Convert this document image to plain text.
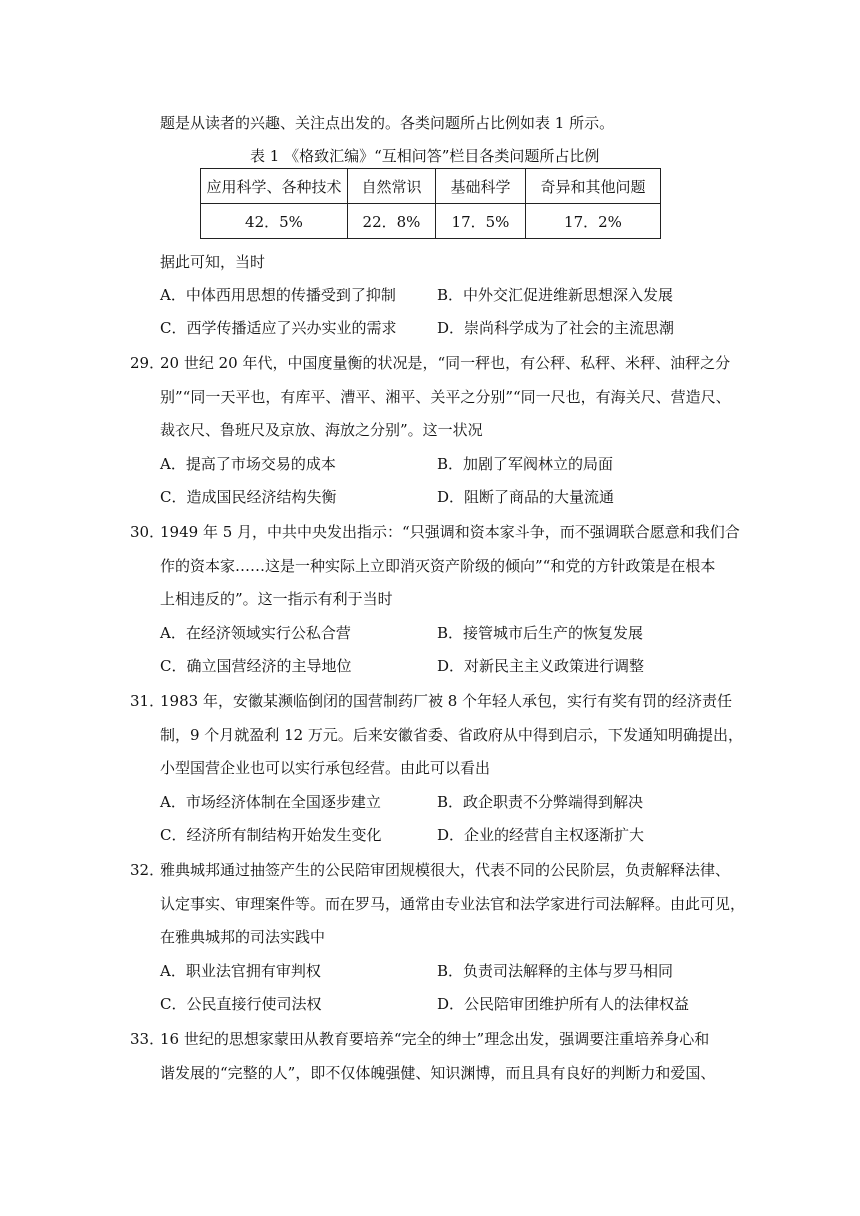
题是从读者的兴趣、关注点出发的。各类问题所占比例如表 1 所示。
表 1 《格致汇编》“互相问答”栏目各类问题所占比例
应用科学、各种技术	自然常识	基础科学	奇异和其他问题
42．5%	22．8%	17．5%	17．2%
据此可知，当时
A．中体西用思想的传播受到了抑制	B．中外交汇促进维新思想深入发展
C．西学传播适应了兴办实业的需求	D．崇尚科学成为了社会的主流思潮
29．
20 世纪 20 年代，中国度量衡的状况是，“同一秤也，有公秤、私秤、米秤、油秤之分
别”“同一天平也，有库平、漕平、湘平、关平之分别”“同一尺也，有海关尺、营造尺、
裁衣尺、鲁班尺及京放、海放之分别”。这一状况
A．提高了市场交易的成本	B．加剧了军阀林立的局面
C．造成国民经济结构失衡	D．阻断了商品的大量流通
30．
1949 年 5 月，中共中央发出指示：“只强调和资本家斗争，而不强调联合愿意和我们合
作的资本家……这是一种实际上立即消灭资产阶级的倾向”“和党的方针政策是在根本
上相违反的”。这一指示有利于当时
A．在经济领域实行公私合营	B．接管城市后生产的恢复发展
C．确立国营经济的主导地位	D．对新民主主义政策进行调整
31．
1983 年，安徽某濒临倒闭的国营制药厂被 8 个年轻人承包，实行有奖有罚的经济责任
制，9 个月就盈利 12 万元。后来安徽省委、省政府从中得到启示，下发通知明确提出，
小型国营企业也可以实行承包经营。由此可以看出
A．市场经济体制在全国逐步建立	B．政企职责不分弊端得到解决
C．经济所有制结构开始发生变化	D．企业的经营自主权逐渐扩大
32．
雅典城邦通过抽签产生的公民陪审团规模很大，代表不同的公民阶层，负责解释法律、
认定事实、审理案件等。而在罗马，通常由专业法官和法学家进行司法解释。由此可见，
在雅典城邦的司法实践中
A．职业法官拥有审判权	B．负责司法解释的主体与罗马相同
C．公民直接行使司法权	D．公民陪审团维护所有人的法律权益
33．
16 世纪的思想家蒙田从教育要培养“完全的绅士”理念出发，强调要注重培养身心和
谐发展的“完整的人”，即不仅体魄强健、知识渊博，而且具有良好的判断力和爱国、
